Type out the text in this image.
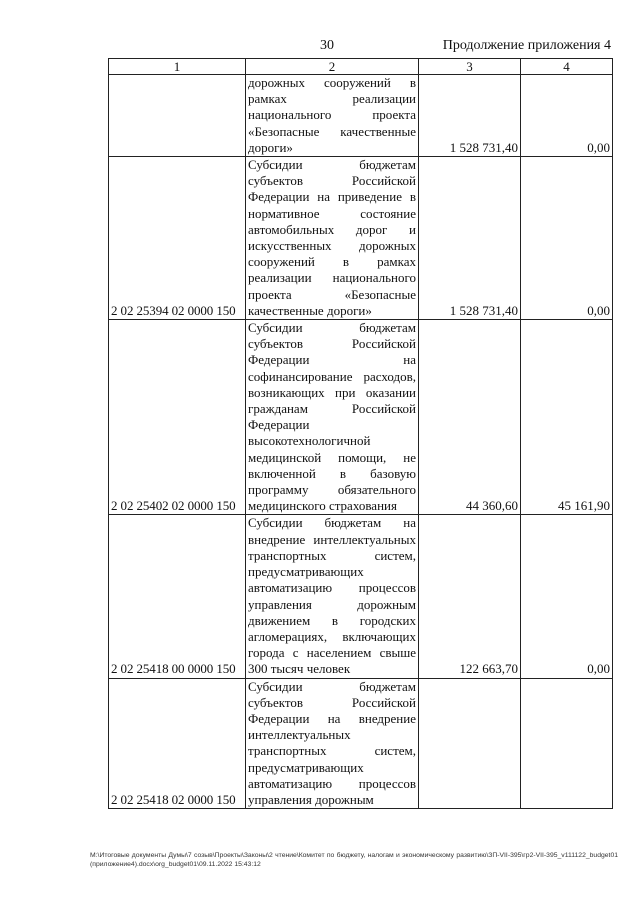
30	Продолжение приложения 4
1	2	3	4
	дорожных сооружений в рамках реализации национального проекта «Безопасные качественные дороги»	1 528 731,40	0,00
2 02 25394 02 0000 150	Субсидии бюджетам субъектов Российской Федерации на приведение в нормативное состояние автомобильных дорог и искусственных дорожных сооружений в рамках реализации национального проекта «Безопасные качественные дороги»	1 528 731,40	0,00
2 02 25402 02 0000 150	Субсидии бюджетам субъектов Российской Федерации на софинансирование расходов, возникающих при оказании гражданам Российской Федерации высокотехнологичной медицинской помощи, не включенной в базовую программу обязательного медицинского страхования	44 360,60	45 161,90
2 02 25418 00 0000 150	Субсидии бюджетам на внедрение интеллектуальных транспортных систем, предусматривающих автоматизацию процессов управления дорожным движением в городских агломерациях, включающих города с населением свыше 300 тысяч человек	122 663,70	0,00
2 02 25418 02 0000 150	Субсидии бюджетам субъектов Российской Федерации на внедрение интеллектуальных транспортных систем, предусматривающих автоматизацию процессов управления дорожным		
М:\Итоговые документы Думы\7 созыв\Проекты\Законы\2 чтение\Комитет по бюджету, налогам и экономическому развитию\ЗП-VII-395\гр2-VII-395_v111122_budget01(приложение4).docx\org_budget01\09.11.2022 15:43:12
